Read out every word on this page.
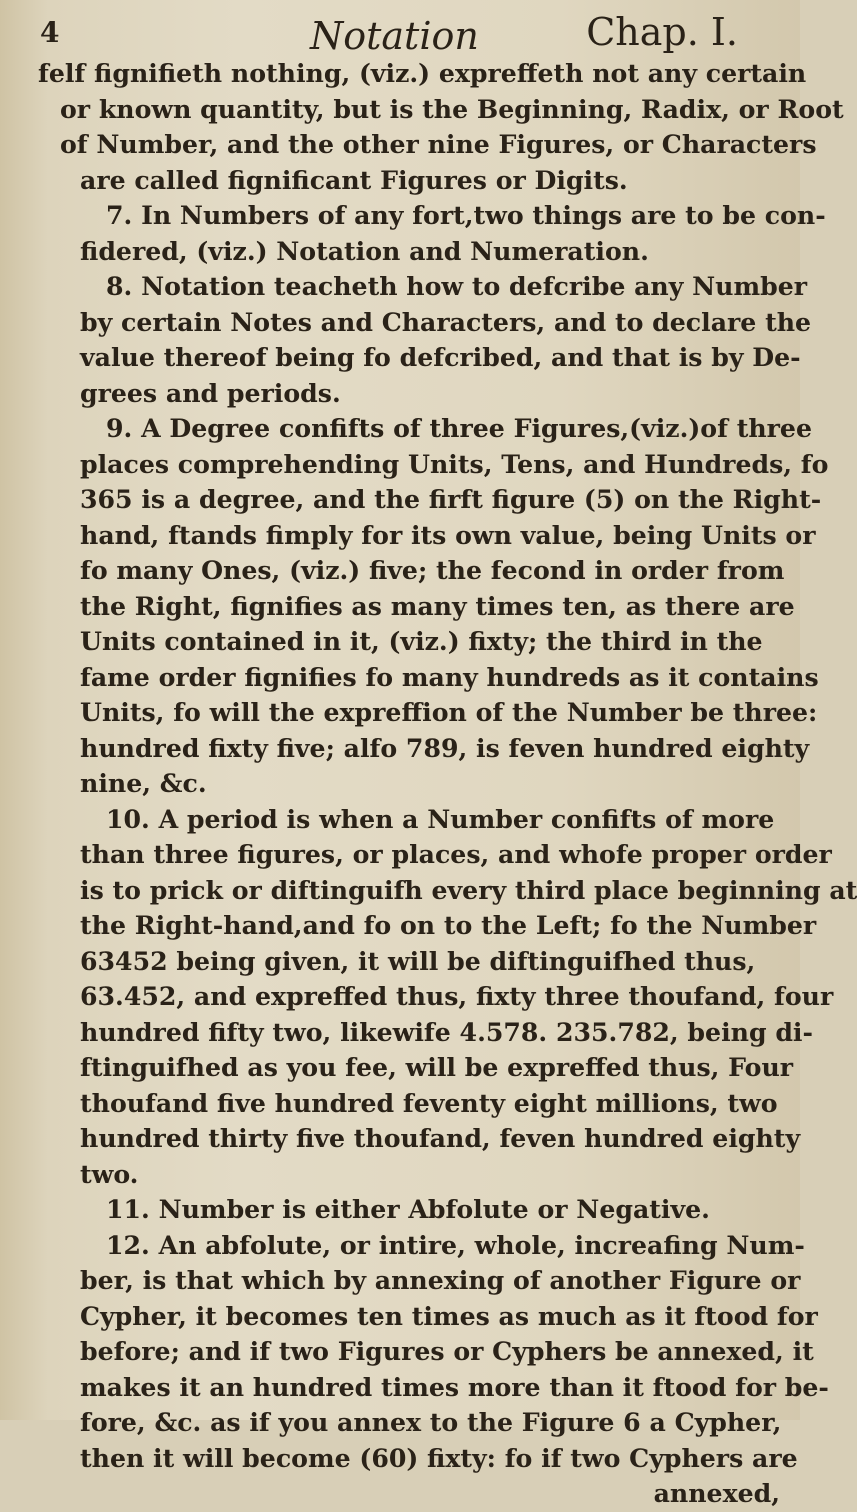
4	Notation	Chap. I.
felf fignifieth nothing, (viz.) expreffeth not any certain
or known quantity, but is the Beginning, Radix, or Root
of Number, and the other nine Figures, or Characters
are called fignificant Figures or Digits.
7. In Numbers of any fort,two things are to be con-
fidered, (viz.) Notation and Numeration.
8. Notation teacheth how to defcribe any Number
by certain Notes and Characters, and to declare the
value thereof being fo defcribed, and that is by De-
grees and periods.
9. A Degree confifts of three Figures,(viz.)of three
places comprehending Units, Tens, and Hundreds, fo
365 is a degree, and the firft figure (5) on the Right-
hand, ftands fimply for its own value, being Units or
fo many Ones, (viz.) five; the fecond in order from
the Right, fignifies as many times ten, as there are
Units contained in it, (viz.) fixty; the third in the
fame order fignifies fo many hundreds as it contains
Units, fo will the expreffion of the Number be three:
hundred fixty five; alfo 789, is feven hundred eighty
nine, &c.
10. A period is when a Number confifts of more
than three figures, or places, and whofe proper order
is to prick or diftinguifh every third place beginning at
the Right-hand,and fo on to the Left; fo the Number
63452 being given, it will be diftinguifhed thus,
63.452, and expreffed thus, fixty three thoufand, four
hundred fifty two, likewife 4.578. 235.782, being di-
ftinguifhed as you fee, will be expreffed thus, Four
thoufand five hundred feventy eight millions, two
hundred thirty five thoufand, feven hundred eighty
two.
11. Number is either Abfolute or Negative.
12. An abfolute, or intire, whole, increafing Num-
ber, is that which by annexing of another Figure or
Cypher, it becomes ten times as much as it ftood for
before; and if two Figures or Cyphers be annexed, it
makes it an hundred times more than it ftood for be-
fore, &c. as if you annex to the Figure 6 a Cypher,
then it will become (60) fixty: fo if two Cyphers are
annexed,
